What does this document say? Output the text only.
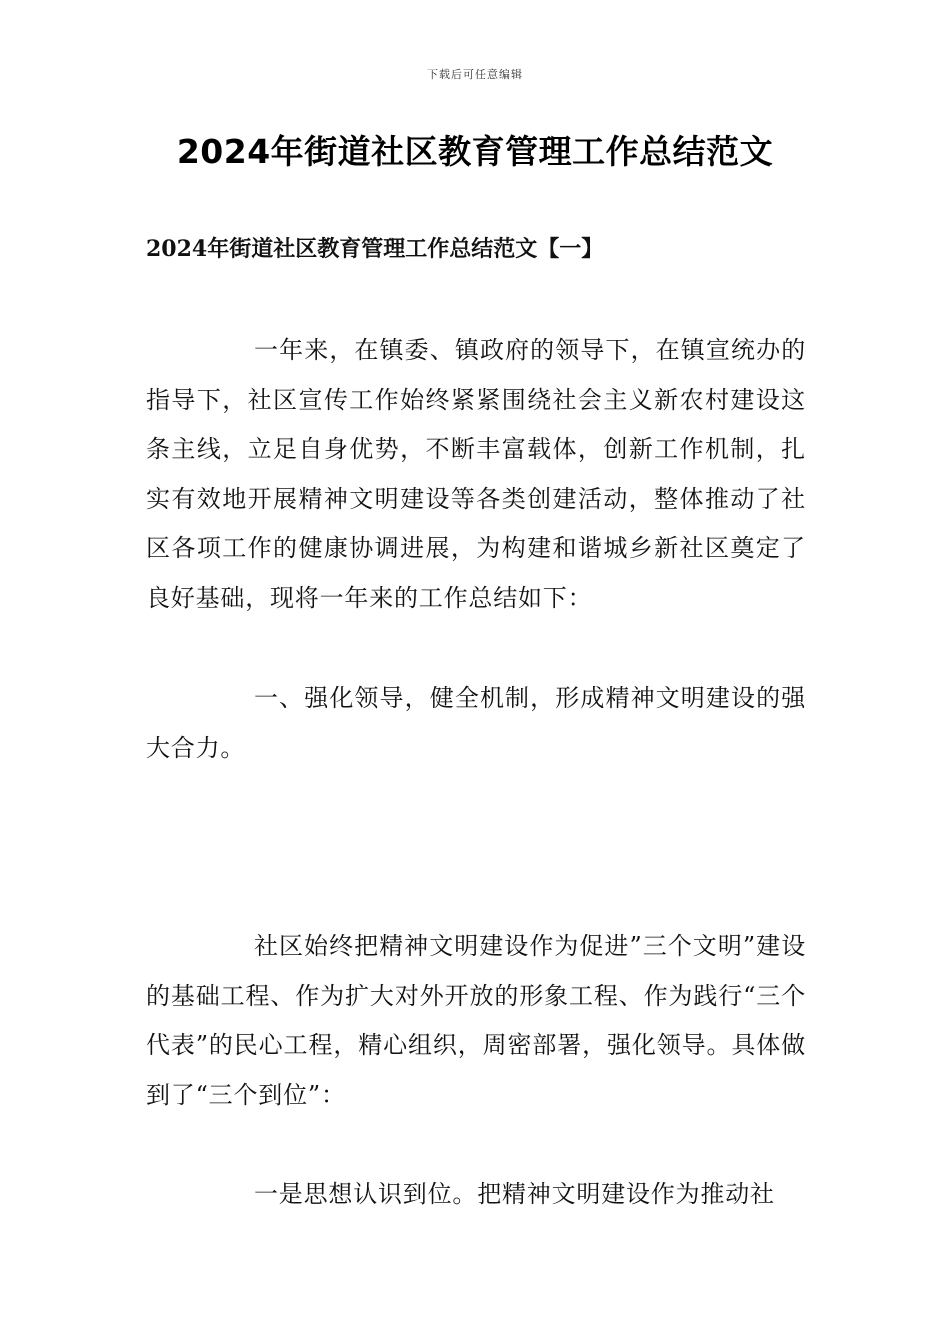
下载后可任意编辑
2024年街道社区教育管理工作总结范文
2024年街道社区教育管理工作总结范文【一】

一年来，在镇委、镇政府的领导下，在镇宣统办的指导下，社区宣传工作始终紧紧围绕社会主义新农村建设这条主线，立足自身优势，不断丰富载体，创新工作机制，扎实有效地开展精神文明建设等各类创建活动，整体推动了社区各项工作的健康协调进展，为构建和谐城乡新社区奠定了良好基础，现将一年来的工作总结如下：

一、强化领导，健全机制，形成精神文明建设的强大合力。

社区始终把精神文明建设作为促进”三个文明”建设的基础工程、作为扩大对外开放的形象工程、作为践行“三个代表”的民心工程，精心组织，周密部署，强化领导。具体做到了“三个到位”：

一是思想认识到位。把精神文明建设作为推动社
